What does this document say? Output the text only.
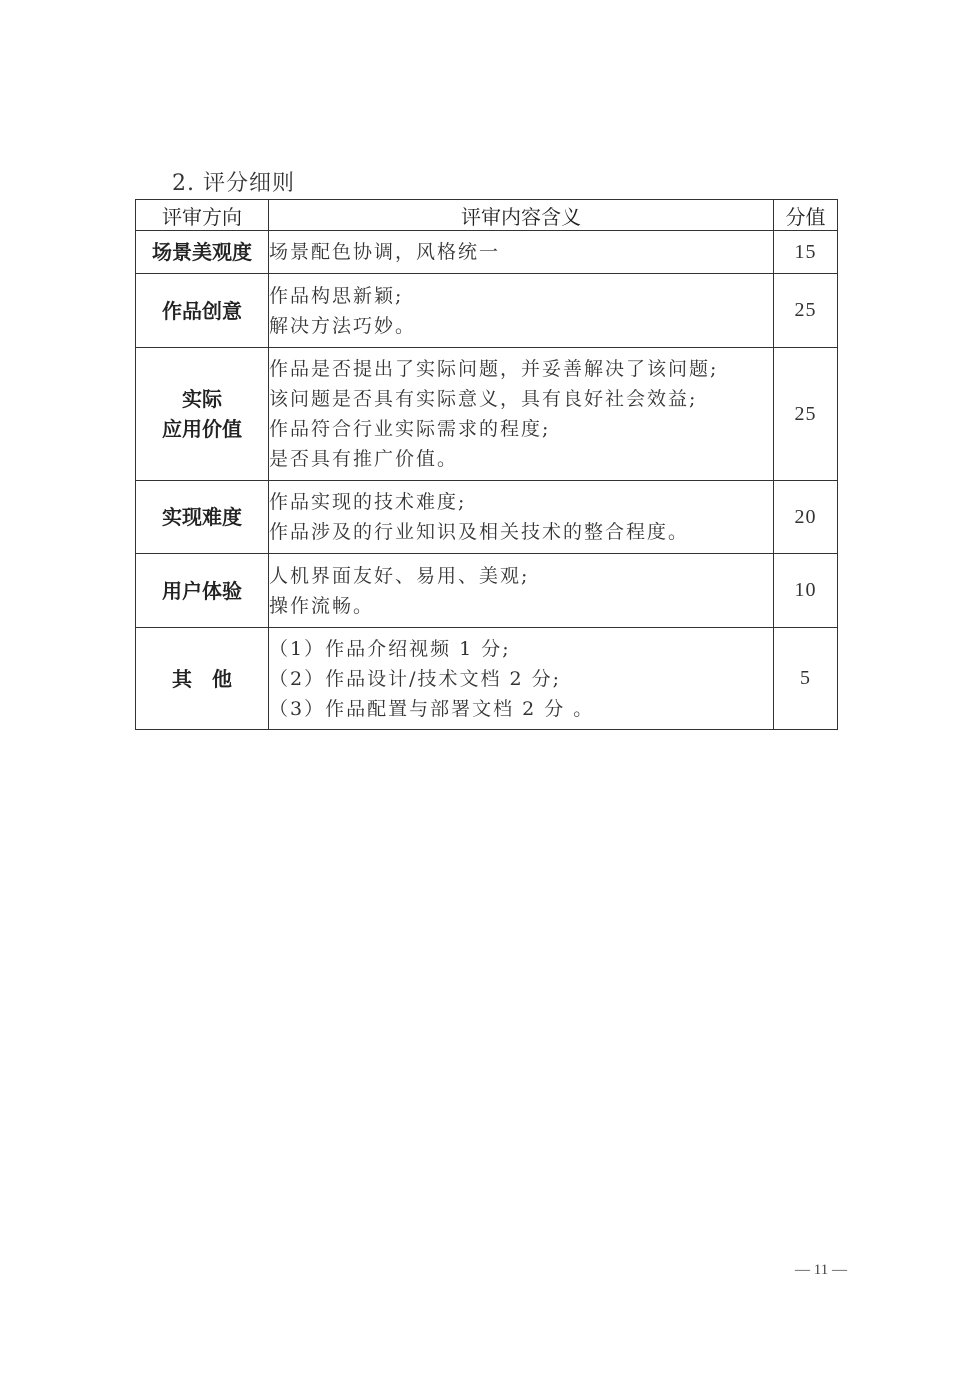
2. 评分细则
评审方向	评审内容含义	分值

场景美观度	场景配色协调，风格统一	15

作品创意	作品构思新颖;
解决方法巧妙。	25

实际
应用价值	作品是否提出了实际问题，并妥善解决了该问题;
该问题是否具有实际意义，具有良好社会效益;
作品符合行业实际需求的程度;
是否具有推广价值。	25

实现难度	作品实现的技术难度;
作品涉及的行业知识及相关技术的整合程度。	20

用户体验	人机界面友好、易用、美观;
操作流畅。	10

其　他	（1）作品介绍视频 1 分;
（2）作品设计/技术文档 2 分;
（3）作品配置与部署文档 2 分 。	5
— 11 —
